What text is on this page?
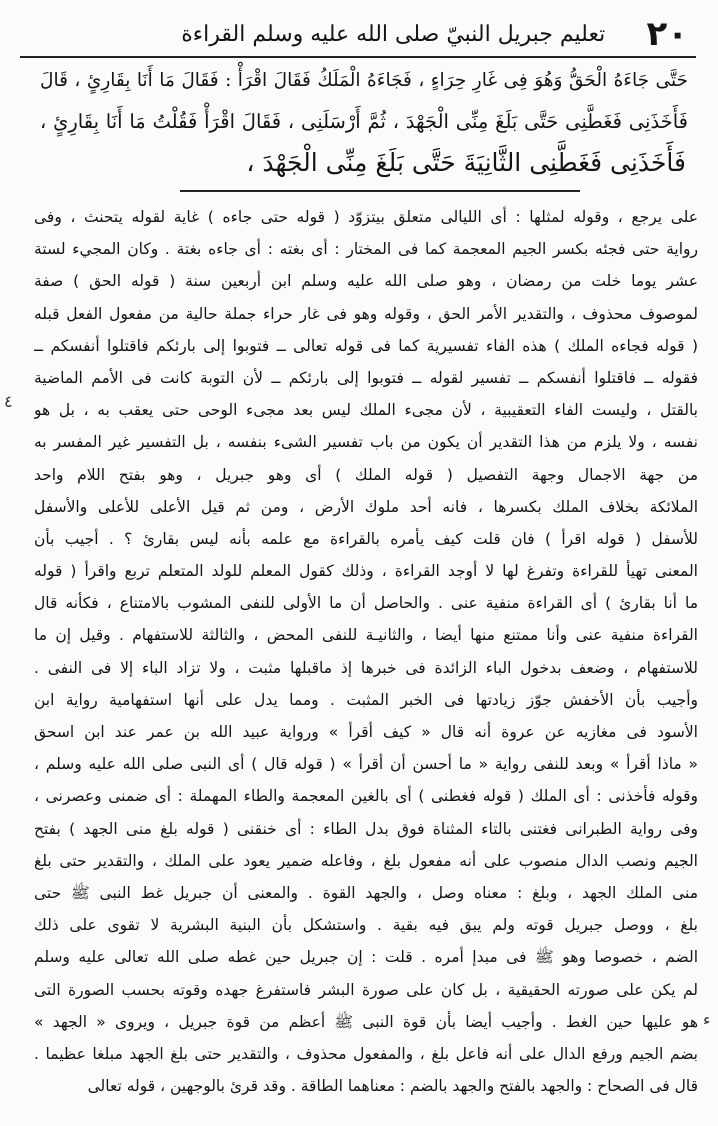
٢٠
تعليم جبريل النبيّ صلى الله عليه وسلم القراءة
حَتَّى جَاءَهُ الْحَقُّ وَهُوَ فِى غَارِ حِرَاءٍ ، فَجَاءَهُ الْمَلَكُ فَقَالَ اقْرَأْ : فَقَالَ مَا أَنَا بِقَارِئٍ ، قَالَ
فَأَخَذَنِى فَغَطَّنِى حَتَّى بَلَغَ مِنِّى الْجَهْدَ ، ثُمَّ أَرْسَلَنِى ، فَقَالَ اقْرَأْ فَقُلْتُ مَا أَنَا بِقَارِئٍ ،
فَأَخَذَنِى فَغَطَّنِى الثَّانِيَةَ حَتَّى بَلَغَ مِنِّى الْجَهْدَ ،
على يرجع ، وقوله لمثلها : أى الليالى متعلق بيتزوّد ( قوله حتى جاءه ) غاية لقوله يتحنث ، وفى
رواية حتى فجئه بكسر الجيم المعجمة كما فى المختار : أى بغته : أى جاءه بغتة . وكان المجيء لستة
عشر يوما خلت من رمضان ، وهو صلى الله عليه وسلم ابن أربعين سنة ( قوله الحق ) صفة
لموصوف محذوف ، والتقدير الأمر الحق ، وقوله وهو فى غار حراء جملة حالية من مفعول الفعل قبله
( قوله فجاءه الملك ) هذه الفاء تفسيرية كما فى قوله تعالى ــ فتوبوا إلى بارئكم فاقتلوا أنفسكم ــ
فقوله ــ فاقتلوا أنفسكم ــ تفسير لقوله ــ فتوبوا إلى بارئكم ــ لأن التوبة كانت فى الأمم الماضية
بالقتل ، وليست الفاء التعقيبية ، لأن مجىء الملك ليس بعد مجىء الوحى حتى يعقب به ، بل هو
نفسه ، ولا يلزم من هذا التقدير أن يكون من باب تفسير الشىء بنفسه ، بل التفسير غير المفسر به
من جهة الاجمال وجهة التفصيل ( قوله الملك ) أى وهو جبريل ، وهو بفتح اللام واحد
الملائكة بخلاف الملك بكسرها ، فانه أحد ملوك الأرض ، ومن ثم قيل الأعلى للأعلى والأسفل
للأسفل ( قوله اقرأ ) فان قلت كيف يأمره بالقراءة مع علمه بأنه ليس بقارئ ؟ . أجيب بأن
المعنى تهيأ للقراءة وتفرغ لها لا أوجد القراءة ، وذلك كقول المعلم للولد المتعلم تربع واقرأ ( قوله
ما أنا بقارئ ) أى القراءة منفية عنى . والحاصل أن ما الأولى للنفى المشوب بالامتناع ، فكأنه قال
القراءة منفية عنى وأنا ممتنع منها أيضا ، والثانيـة للنفى المحض ، والثالثة للاستفهام . وقيل إن ما
للاستفهام ، وضعف بدخول الباء الزائدة فى خبرها إذ ماقبلها مثبت ، ولا تزاد الباء إلا فى النفى .
وأجيب بأن الأخفش جوّز زيادتها فى الخبر المثبت . ومما يدل على أنها استفهامية رواية ابن
الأسود فى مغازيه عن عروة أنه قال « كيف أقرأ » ورواية عبيد الله بن عمر عند ابن اسحق
« ماذا أقرأ » وبعد للنفى رواية « ما أحسن أن أقرأ » ( قوله قال ) أى النبى صلى الله عليه وسلم ،
وقوله فأخذنى : أى الملك ( قوله فغطنى ) أى بالغين المعجمة والطاء المهملة : أى ضمنى وعصرنى ،
وفى رواية الطبرانى فغتنى بالتاء المثناة فوق بدل الطاء : أى خنقنى ( قوله بلغ منى الجهد ) بفتح
الجيم ونصب الدال منصوب على أنه مفعول بلغ ، وفاعله ضمير يعود على الملك ، والتقدير حتى بلغ
منى الملك الجهد ، وبلغ : معناه وصل ، والجهد القوة . والمعنى أن جبريل غط النبى ﷺ حتى
بلغ ، ووصل جبريل قوته ولم يبق فيه بقية . واستشكل بأن البنية البشرية لا تقوى على ذلك
الضم ، خصوصا وهو ﷺ فى مبدإ أمره . قلت : إن جبريل حين غطه صلى الله تعالى عليه وسلم
لم يكن على صورته الحقيقية ، بل كان على صورة البشر فاستفرغ جهده وقوته بحسب الصورة التى
هو عليها حين الغط . وأجيب أيضا بأن قوة النبى ﷺ أعظم من قوة جبريل ، ويروى « الجهد »
بضم الجيم ورفع الدال على أنه فاعل بلغ ، والمفعول محذوف ، والتقدير حتى بلغ الجهد مبلغا عظيما .
قال فى الصحاح : والجهد بالفتح والجهد بالضم : معناهما الطاقة . وقد قرئ بالوجهين ، قوله تعالى
٤
ء
